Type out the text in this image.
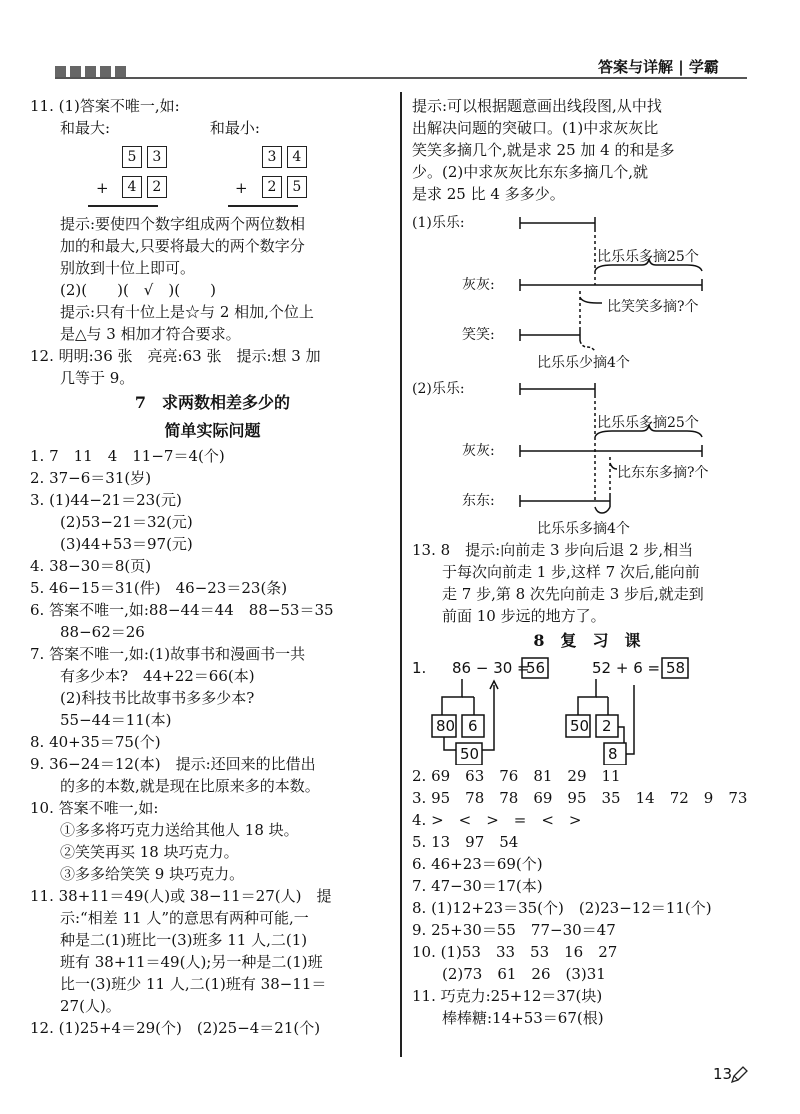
答案与详解 | 学霸
11. (1)答案不唯一,如:
和最大:	和最小:
5 3
+	4 2
3 4
+	2 5
提示:要使四个数字组成两个两位数相
加的和最大,只要将最大的两个数字分
别放到十位上即可。
(2)(　　)(　√　)(　　)
提示:只有十位上是☆与 2 相加,个位上
是△与 3 相加才符合要求。
12. 明明:36 张　亮亮:63 张　提示:想 3 加
几等于 9。
7　求两数相差多少的
简单实际问题
1. 7　11　4　11−7＝4(个)
2. 37−6＝31(岁)
3. (1)44−21＝23(元)
(2)53−21＝32(元)
(3)44+53＝97(元)
4. 38−30＝8(页)
5. 46−15＝31(件)　46−23＝23(条)
6. 答案不唯一,如:88−44＝44　88−53＝35
88−62＝26
7. 答案不唯一,如:(1)故事书和漫画书一共
有多少本?　44+22＝66(本)
(2)科技书比故事书多多少本?
55−44＝11(本)
8. 40+35＝75(个)
9. 36−24＝12(本)　提示:还回来的比借出
的多的本数,就是现在比原来多的本数。
10. 答案不唯一,如:
①多多将巧克力送给其他人 18 块。
②笑笑再买 18 块巧克力。
③多多给笑笑 9 块巧克力。
11. 38+11＝49(人)或 38−11＝27(人)　提
示:“相差 11 人”的意思有两种可能,一
种是二(1)班比一(3)班多 11 人,二(1)
班有 38+11＝49(人);另一种是二(1)班
比一(3)班少 11 人,二(1)班有 38−11＝
27(人)。
12. (1)25+4＝29(个)　(2)25−4＝21(个)
提示:可以根据题意画出线段图,从中找
出解决问题的突破口。(1)中求灰灰比
笑笑多摘几个,就是求 25 加 4 的和是多
少。(2)中求灰灰比东东多摘几个,就
是求 25 比 4 多多少。
(1)乐乐:
灰灰:
笑笑:
比乐乐多摘25个
比笑笑多摘?个
比乐乐少摘4个
(2)乐乐:
灰灰:
东东:
比乐乐多摘25个
比东东多摘?个
比乐乐多摘4个
13. 8　提示:向前走 3 步向后退 2 步,相当
于每次向前走 1 步,这样 7 次后,能向前
走 7 步,第 8 次先向前走 3 步后,就走到
前面 10 步远的地方了。
8　复　习　课
1. 86 − 30 =
56	52 + 6 = 58
80 6
50
50 2
8
2. 69　63　76　81　29　11
3. 95　78　78　69　95　35　14　72　9　73
4. >　<　>　=　<　>
5. 13　97　54
6. 46+23＝69(个)
7. 47−30＝17(本)
8. (1)12+23＝35(个)　(2)23−12＝11(个)
9. 25+30＝55　77−30＝47
10. (1)53　33　53　16　27
(2)73　61　26　(3)31
11. 巧克力:25+12＝37(块)
棒棒糖:14+53＝67(根)
13
